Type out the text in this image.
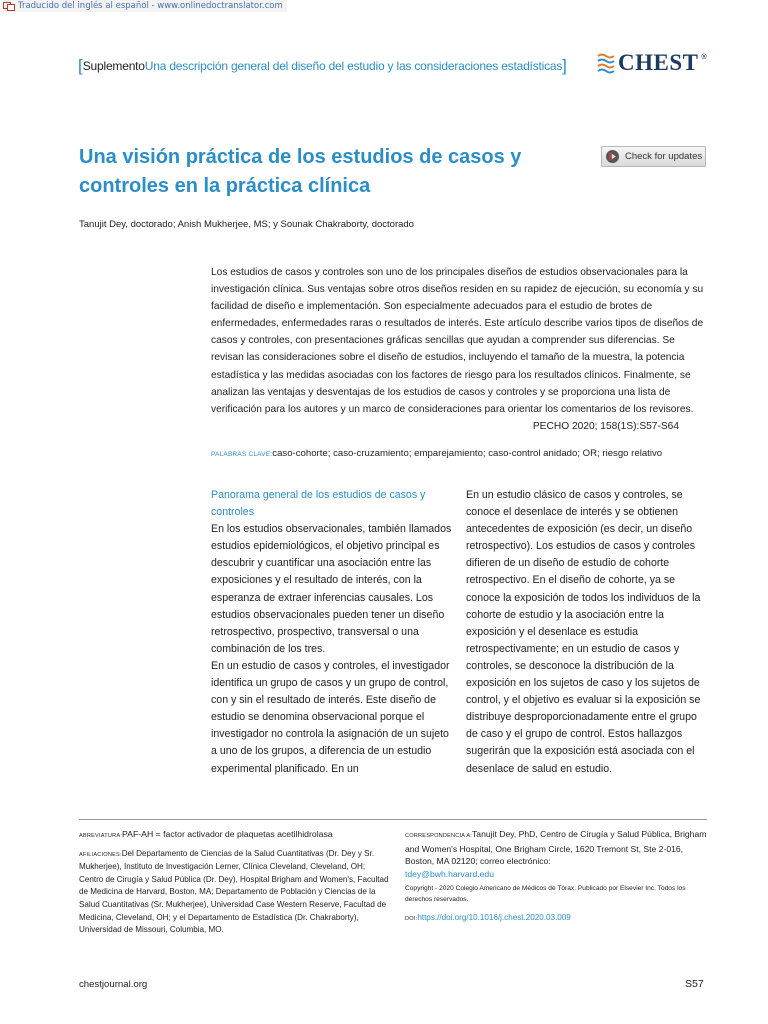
Traducido del inglés al español - www.onlinedoctranslator.com
[SuplementoUna descripción general del diseño del estudio y las consideraciones estadísticas] CHEST ®
Una visión práctica de los estudios de casos y controles en la práctica clínica
Check for updates

Tanujit Dey, doctorado; Anish Mukherjee, MS; y Sounak Chakraborty, doctorado

Los estudios de casos y controles son uno de los principales diseños de estudios observacionales para la investigación clínica. Sus ventajas sobre otros diseños residen en su rapidez de ejecución, su economía y su facilidad de diseño e implementación. Son especialmente adecuados para el estudio de brotes de enfermedades, enfermedades raras o resultados de interés. Este artículo describe varios tipos de diseños de casos y controles, con presentaciones gráficas sencillas que ayudan a comprender sus diferencias. Se revisan las consideraciones sobre el diseño de estudios, incluyendo el tamaño de la muestra, la potencia estadística y las medidas asociadas con los factores de riesgo para los resultados clínicos. Finalmente, se analizan las ventajas y desventajas de los estudios de casos y controles y se proporciona una lista de verificación para los autores y un marco de consideraciones para orientar los comentarios de los revisores.
PECHO 2020; 158(1S):S57-S64
PALABRAS CLAVE:caso-cohorte; caso-cruzamiento; emparejamiento; caso-control anidado; OR; riesgo relativo

Panorama general de los estudios de casos y controles

En los estudios observacionales, también llamados estudios epidemiológicos, el objetivo principal es descubrir y cuantificar una asociación entre las exposiciones y el resultado de interés, con la esperanza de extraer inferencias causales. Los estudios observacionales pueden tener un diseño retrospectivo, prospectivo, transversal o una combinación de los tres.

En un estudio de casos y controles, el investigador identifica un grupo de casos y un grupo de control, con y sin el resultado de interés. Este diseño de estudio se denomina observacional porque el investigador no controla la asignación de un sujeto a uno de los grupos, a diferencia de un estudio experimental planificado. En un

En un estudio clásico de casos y controles, se conoce el desenlace de interés y se obtienen antecedentes de exposición (es decir, un diseño retrospectivo). Los estudios de casos y controles difieren de un diseño de estudio de cohorte retrospectivo. En el diseño de cohorte, ya se conoce la exposición de todos los individuos de la cohorte de estudio y la asociación entre la exposición y el desenlace es estudia retrospectivamente; en un estudio de casos y controles, se desconoce la distribución de la exposición en los sujetos de caso y los sujetos de control, y el objetivo es evaluar si la exposición se distribuye desproporcionadamente entre el grupo de caso y el grupo de control. Estos hallazgos sugerirán que la exposición está asociada con el desenlace de salud en estudio.

ABREVIATURA:PAF-AH = factor activador de plaquetas acetilhidrolasa

AFILIACIONES:Del Departamento de Ciencias de la Salud Cuantitativas (Dr. Dey y Sr. Mukherjee), Instituto de Investigación Lerner, Clínica Cleveland, Cleveland, OH; Centro de Cirugía y Salud Pública (Dr. Dey), Hospital Brigham and Women's, Facultad de Medicina de Harvard, Boston, MA; Departamento de Población y Ciencias de la Salud Cuantitativas (Sr. Mukherjee), Universidad Case Western Reserve, Facultad de Medicina, Cleveland, OH; y el Departamento de Estadística (Dr. Chakraborty), Universidad de Missouri, Columbia, MO.

CORRESPONDENCIA A:Tanujit Dey, PhD, Centro de Cirugía y Salud Pública, Brigham and Women's Hospital, One Brigham Circle, 1620 Tremont St, Ste 2-016, Boston, MA 02120; correo electrónico:
tdey@bwh.harvard.edu

Copyright - 2020 Colegio Americano de Médicos de Tórax. Publicado por Elsevier Inc. Todos los derechos reservados.

DOI:https://doi.org/10.1016/j.chest.2020.03.009

chestjournal.org	S57
